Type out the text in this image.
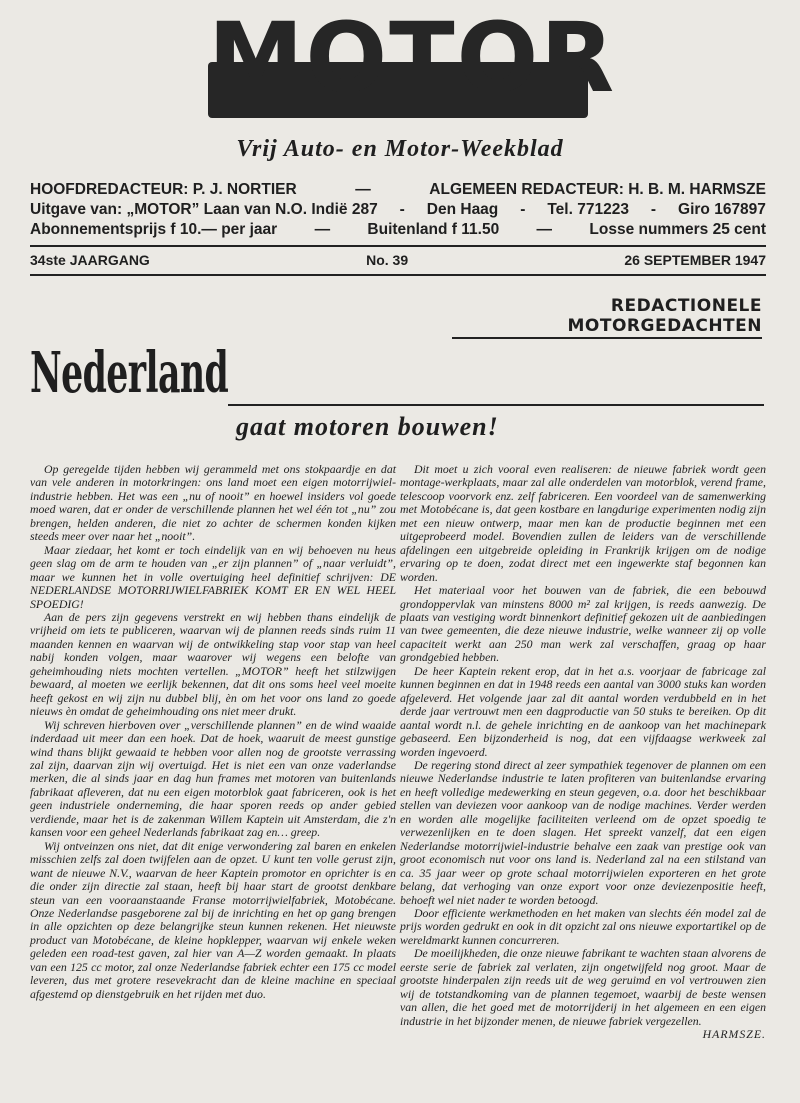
MOTOR
Vrij Auto- en Motor-Weekblad
HOOFDREDACTEUR: P. J. NORTIER	—	ALGEMEEN REDACTEUR: H. B. M. HARMSZE
Uitgave van: „MOTOR” Laan van N.O. Indië 287 - Den Haag - Tel. 771223 - Giro 167897
Abonnementsprijs f 10.— per jaar — Buitenland f 11.50 — Losse nummers 25 cent
34ste JAARGANG	No. 39	26 SEPTEMBER 1947
REDACTIONELE MOTORGEDACHTEN
Nederland
gaat motoren bouwen!

Op geregelde tijden hebben wij gerammeld met ons stokpaardje en dat van vele anderen in motorkringen: ons land moet een eigen motorrijwiel-industrie hebben. Het was een „nu of nooit” en hoewel insiders vol goede moed waren, dat er onder de verschillende plannen het wel één tot „nu” zou brengen, helden anderen, die niet zo achter de schermen konden kijken steeds meer over naar het „nooit”.

Maar ziedaar, het komt er toch eindelijk van en wij behoeven nu heus geen slag om de arm te houden van „er zijn plannen” of „naar verluidt”, maar we kunnen het in volle overtuiging heel definitief schrijven: DE NEDERLANDSE MOTORRIJWIELFABRIEK KOMT ER EN WEL HEEL SPOEDIG!

Aan de pers zijn gegevens verstrekt en wij hebben thans eindelijk de vrijheid om iets te publiceren, waarvan wij de plannen reeds sinds ruim 11 maanden kennen en waarvan wij de ontwikkeling stap voor stap van heel nabij konden volgen, maar waarover wij wegens een belofte van geheimhouding niets mochten vertellen. „MOTOR” heeft het stilzwijgen bewaard, al moeten we eerlijk bekennen, dat dit ons soms heel veel moeite heeft gekost en wij zijn nu dubbel blij, èn om het voor ons land zo goede nieuws èn omdat de geheimhouding ons niet meer drukt.

Wij schreven hierboven over „verschillende plannen” en de wind waaide inderdaad uit meer dan een hoek. Dat de hoek, waaruit de meest gunstige wind thans blijkt gewaaid te hebben voor allen nog de grootste verrassing zal zijn, daarvan zijn wij overtuigd. Het is niet een van onze vaderlandse merken, die al sinds jaar en dag hun frames met motoren van buitenlands fabrikaat afleveren, dat nu een eigen motorblok gaat fabriceren, ook is het geen industriele onderneming, die haar sporen reeds op ander gebied verdiende, maar het is de zakenman Willem Kaptein uit Amsterdam, die z'n kansen voor een geheel Nederlands fabrikaat zag en… greep.

Wij ontveinzen ons niet, dat dit enige verwondering zal baren en enkelen misschien zelfs zal doen twijfelen aan de opzet. U kunt ten volle gerust zijn, want de nieuwe N.V., waarvan de heer Kaptein promotor en oprichter is en die onder zijn directie zal staan, heeft bij haar start de grootst denkbare steun van een vooraanstaande Franse motorrijwielfabriek, Motobécane. Onze Nederlandse pasgeborene zal bij de inrichting en het op gang brengen in alle opzichten op deze belangrijke steun kunnen rekenen. Het nieuwste product van Motobécane, de kleine hopklepper, waarvan wij enkele weken geleden een road-test gaven, zal hier van A—Z worden gemaakt. In plaats van een 125 cc motor, zal onze Nederlandse fabriek echter een 175 cc model leveren, dus met grotere resevekracht dan de kleine machine en speciaal afgestemd op dienstgebruik en het rijden met duo.

Dit moet u zich vooral even realiseren: de nieuwe fabriek wordt geen montage-werkplaats, maar zal alle onderdelen van motorblok, verend frame, telescoop voorvork enz. zelf fabriceren. Een voordeel van de samenwerking met Motobécane is, dat geen kostbare en langdurige experimenten nodig zijn met een nieuw ontwerp, maar men kan de productie beginnen met een uitgeprobeerd model. Bovendien zullen de leiders van de verschillende afdelingen een uitgebreide opleiding in Frankrijk krijgen om de nodige ervaring op te doen, zodat direct met een ingewerkte staf begonnen kan worden.

Het materiaal voor het bouwen van de fabriek, die een bebouwd grondoppervlak van minstens 8000 m² zal krijgen, is reeds aanwezig. De plaats van vestiging wordt binnenkort definitief gekozen uit de aanbiedingen van twee gemeenten, die deze nieuwe industrie, welke wanneer zij op volle capaciteit werkt aan 250 man werk zal verschaffen, graag op haar grondgebied hebben.

De heer Kaptein rekent erop, dat in het a.s. voorjaar de fabricage zal kunnen beginnen en dat in 1948 reeds een aantal van 3000 stuks kan worden afgeleverd. Het volgende jaar zal dit aantal worden verdubbeld en in het derde jaar vertrouwt men een dagproductie van 50 stuks te bereiken. Op dit aantal wordt n.l. de gehele inrichting en de aankoop van het machinepark gebaseerd. Een bijzonderheid is nog, dat een vijfdaagse werkweek zal worden ingevoerd.

De regering stond direct al zeer sympathiek tegenover de plannen om een nieuwe Nederlandse industrie te laten profiteren van buitenlandse ervaring en heeft volledige medewerking en steun gegeven, o.a. door het beschikbaar stellen van deviezen voor aankoop van de nodige machines. Verder werden en worden alle mogelijke faciliteiten verleend om de opzet spoedig te verwezenlijken en te doen slagen. Het spreekt vanzelf, dat een eigen Nederlandse motorrijwiel-industrie behalve een zaak van prestige ook van groot economisch nut voor ons land is. Nederland zal na een stilstand van ca. 35 jaar weer op grote schaal motorrijwielen exporteren en het grote belang, dat verhoging van onze export voor onze deviezenpositie heeft, behoeft wel niet nader te worden betoogd.

Door efficiente werkmethoden en het maken van slechts één model zal de prijs worden gedrukt en ook in dit opzicht zal ons nieuwe exportartikel op de wereldmarkt kunnen concurreren.

De moeilijkheden, die onze nieuwe fabrikant te wachten staan alvorens de eerste serie de fabriek zal verlaten, zijn ongetwijfeld nog groot. Maar de grootste hinderpalen zijn reeds uit de weg geruimd en vol vertrouwen zien wij de totstandkoming van de plannen tegemoet, waarbij de beste wensen van allen, die het goed met de motorrijderij in het algemeen en een eigen industrie in het bijzonder menen, de nieuwe fabriek vergezellen.

HARMSZE.
